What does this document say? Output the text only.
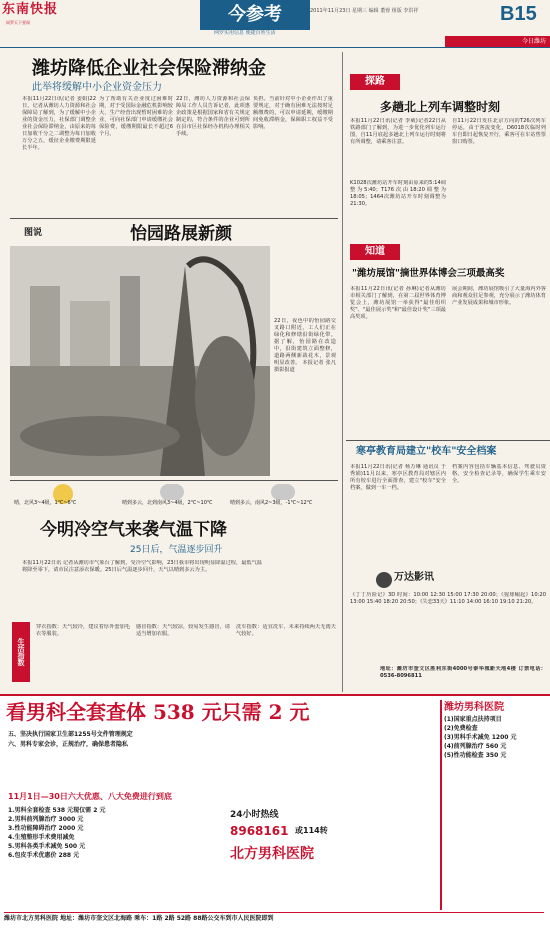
东南快报
网罗天下要闻	今参考
网罗实用信息 便捷百姓生活
2011年11月23日 星期三 编辑 董蓉 组版 李洪祥	B15
今日潍坊
潍坊降低企业社会保险滞纳金
此举将缓解中小企业资金压力
本报11月22日讯(记者 姜娟)22日，记者从潍坊人力资源和社会保障局了解到，为了缓解中小企业的资金压力，社保部门调整企业社会保险滞纳金，由原来的每日加收千分之二调整为每日加收万分之五，缓征企业缴费期限延长半年。
为了帮助有关企业度过困难时期，对于受国际金融危机影响较大、生产经营出现暂时困难的企业，可向社保部门申请缓缴社会保险费，缓缴期限最长不超过6个月。
22日，潍坊人力资源和社会保障局工作人员告诉记者，此项惠企政策是根据国家和省有关规定制定的，符合条件的企业可到所在县市区社保经办机构办理相关手续。
负担。当前针对中小企业作出了重要规定，对于确有困难无法按时足额缴费的，可以申请延期，缓缴期间免收滞纳金，保障职工权益不受影响。
图说	怡园路展新颜
22日，夜色中的怡园路交叉路口附近，工人们正在绿化和修缮沿街绿化带。据了解，怡园路在改造中，沿街建筑立面整修，道路两侧新栽花木，景观明显改善。 本报记者 张凡 摄影报道
晴，北风3~4级，1℃~6℃	晴到多云，北到南风3~4级，2℃~10℃	晴到多云，南风2~3级，-1℃~12℃
今明冷空气来袭气温下降
25日后，气温逐步回升
本报11月22日讯 记者从潍坊市气象台了解到，受冷空气影响，23日我市将出现明显降温过程，最低气温将降至零下，请市民注意添衣保暖。25日后气温逐步回升，天气以晴到多云为主。
生活指数
穿衣指数：天气较冷，建议着厚外套加毛衣等服装。
感冒指数：天气较凉，较易发生感冒，请适当增加衣服。
洗车指数：适宜洗车，未来持续两天无雨天气较好。
探路
多趟北上列车调整时刻
本报11月22日讯(记者 李葳)记者22日从铁路部门了解到，为进一步优化列车运行图，自11月底起多趟北上列车运行时刻将有所调整，请乘客注意。
K1028次潍坊站开车时刻由原来的5:14调整为5:40；T176次由18:20调整为18:05；1464次潍坊站开车时刻调整为21:30。
自11月22日发往北京方向的T26次列车停运，由于客流变化，D6018次临时列车自即日起恢复开行，乘客可在车站售票窗口购票。
知道
"潍坊展馆"摘世界体博会三项最高奖
本报11月22日讯(记者 孙琳)记者从潍坊市相关部门了解到，在第二届世界体育博览会上，潍坊展馆一举获得"最佳组织奖"、"最佳展示奖"和"最佳设计奖"三项最高奖项。
展会期间，潍坊展馆吸引了大量海内外客商和观众驻足参观，充分展示了潍坊体育产业发展成果和城市形象。
寒亭教育局建立"校车"安全档案
本报11月22日讯(记者 杨万琳 通讯员 于秀娟)11月以来，寒亭区教育局对辖区内所有校车进行全面排查，建立"校车"安全档案，做到一车一档。
档案内容包括车辆基本信息、驾驶员资格、安全检查记录等，确保学生乘车安全。
万达影讯
《丁丁历险记》3D 时间：10:00 12:30 15:00 17:30 20:00；《猩球崛起》10:20 13:00 15:40 18:20 20:50；《失恋33天》11:10 14:00 16:10 19:10 21:20。
地址：潍坊市奎文区胜利东街4000号泰华城新天地4楼 订票电话：0536-8096811
看男科全套查体 538 元只需 2 元
五、坚决执行国家卫生部1255号文件管理规定
六、男科专家会诊，正规治疗，确保患者隐私
11月1日—30日六大优惠、八大免费进行到底
1.男科全套检查 538 元现仅需 2 元
2.男科前列腺治疗 3000 元
3.性功能障碍治疗 2000 元
4.生殖整形手术费用减免
5.男科各类手术减免 500 元
6.包皮手术优惠价 288 元
24小时热线
8968161 或114转
北方男科医院
潍坊男科医院
(1)国家重点扶持项目
(2)免费检查
(3)男科手术减免 1200 元
(4)前列腺治疗 560 元
(5)性功能检查 350 元
潍坊市北方男科医院 地址：潍坊市奎文区北海路 乘车：1路 2路 52路 88路公交车到市人民医院即到
